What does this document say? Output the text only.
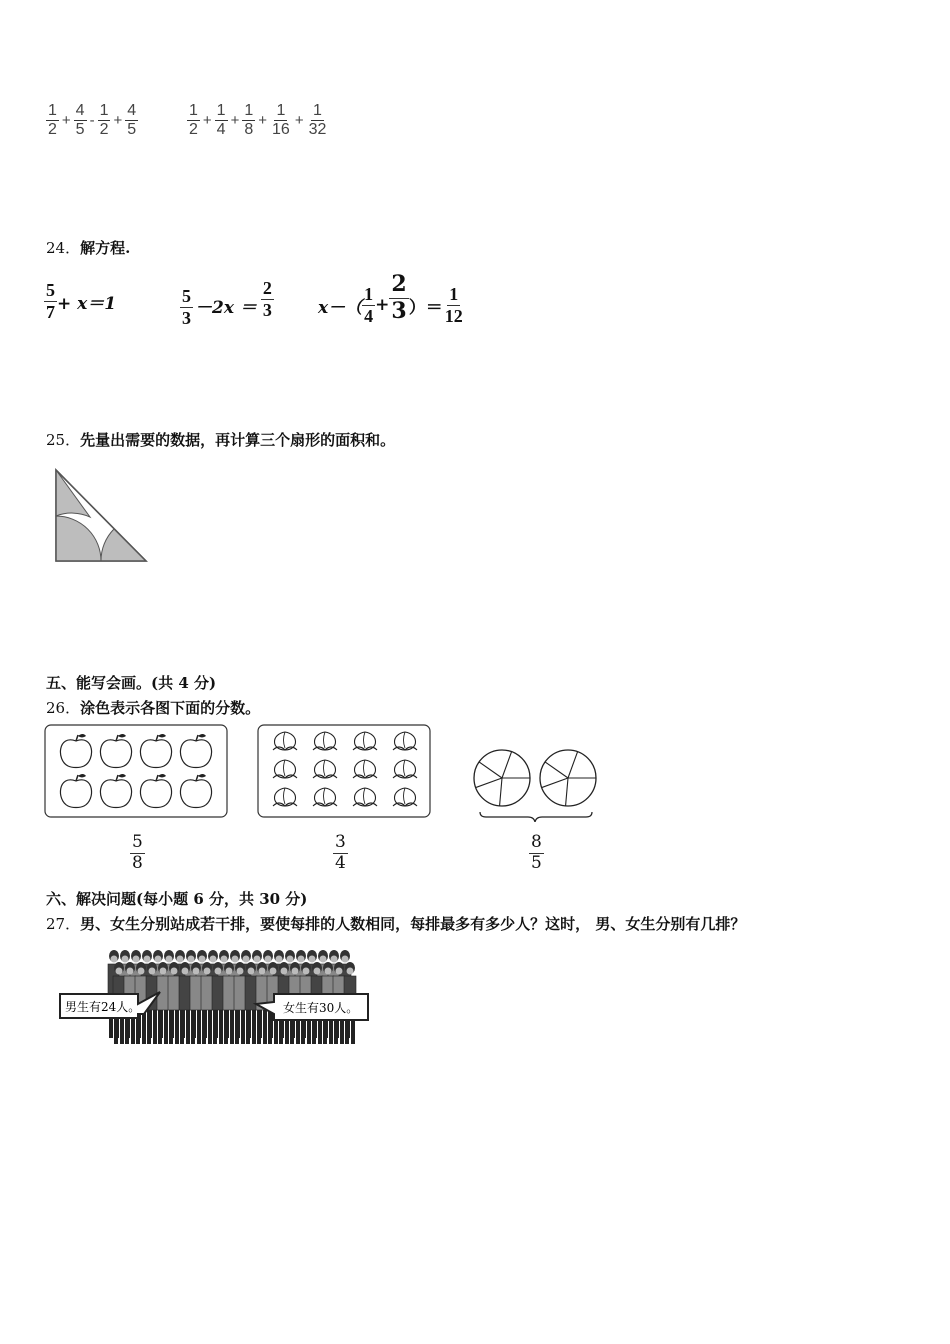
$\frac{1}{2} + \frac{4}{5} - \frac{1}{2} + \frac{4}{5}$	$\frac{1}{2} + \frac{1}{4} + \frac{1}{8} + \frac{1}{16} + \frac{1}{32}$
24．解方程.
$\frac{5}{7} + x=1$	$\frac{5}{3} -2x = \frac{2}{3}$	$x-( \frac{1}{4} + \frac{2}{3}$ ）＝ $\frac{1}{12}$
25．先量出需要的数据，再计算三个扇形的面积和。
五、能写会画。(共 4 分)
26．涂色表示各图下面的分数。
$\frac{5}{8}$	$\frac{3}{4}$	$\frac{8}{5}$
六、解决问题(每小题 6 分，共 30 分)
27．男、女生分别站成若干排，要使每排的人数相同，每排最多有多少人？这时， 男、女生分别有几排？
男生有24人。	女生有30人。
